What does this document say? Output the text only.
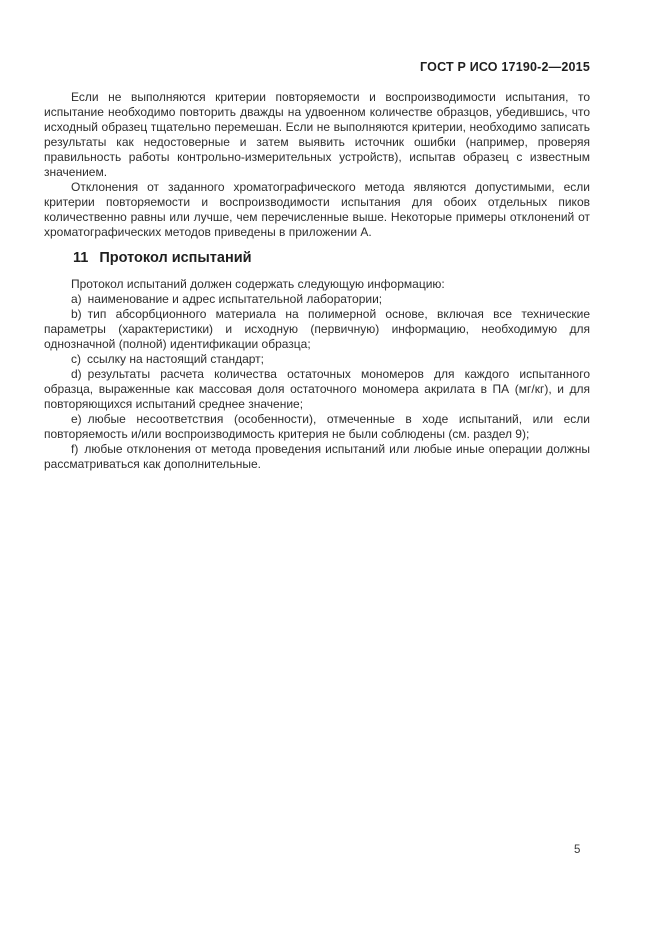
ГОСТ Р ИСО 17190-2—2015

Если не выполняются критерии повторяемости и воспроизводимости испытания, то испытание необходимо повторить дважды на удвоенном количестве образцов, убедившись, что исходный образец тщательно перемешан. Если не выполняются критерии, необходимо записать результаты как недостоверные и затем выявить источник ошибки (например, проверяя правильность работы контрольно-измерительных устройств), испытав образец с известным значением.

Отклонения от заданного хроматографического метода являются допустимыми, если критерии повторяемости и воспроизводимости испытания для обоих отдельных пиков количественно равны или лучше, чем перечисленные выше. Некоторые примеры отклонений от хроматографических методов приведены в приложении А.

11 Протокол испытаний

Протокол испытаний должен содержать следующую информацию:

a) наименование и адрес испытательной лаборатории;

b) тип абсорбционного материала на полимерной основе, включая все технические параметры (характеристики) и исходную (первичную) информацию, необходимую для однозначной (полной) идентификации образца;

c) ссылку на настоящий стандарт;

d) результаты расчета количества остаточных мономеров для каждого испытанного образца, выраженные как массовая доля остаточного мономера акрилата в ПА (мг/кг), и для повторяющихся испытаний среднее значение;

e) любые несоответствия (особенности), отмеченные в ходе испытаний, или если повторяемость и/или воспроизводимость критерия не были соблюдены (см. раздел 9);

f) любые отклонения от метода проведения испытаний или любые иные операции должны рассматриваться как дополнительные.

5
